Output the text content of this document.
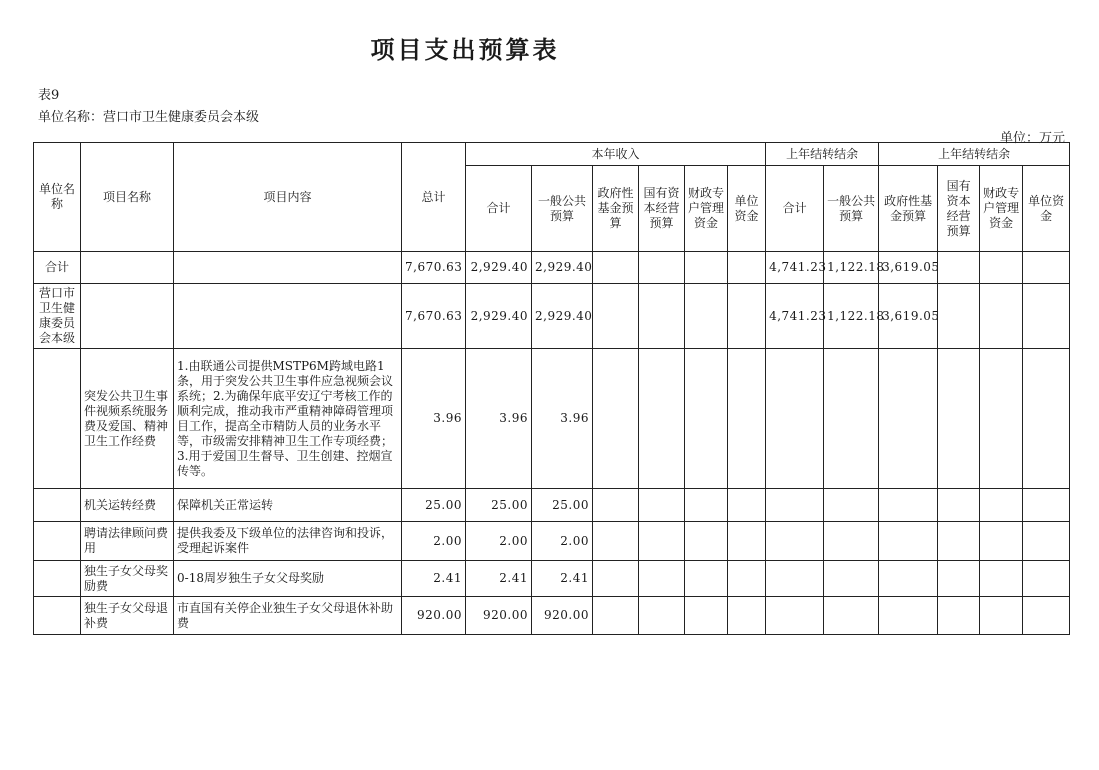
项目支出预算表
表9
单位名称：营口市卫生健康委员会本级
单位：万元
单位名称	项目名称	项目内容	总计	本年收入						上年结转结余		上年结转结余			
				合计	一般公共预算	政府性基金预算	国有资本经营预算	财政专户管理资金	单位资金	合计	一般公共预算	政府性基金预算	国有资本经营预算	财政专户管理资金	单位资金
合计			7,670.63	2,929.40	2,929.40					4,741.23	1,122.18	3,619.05			
营口市卫生健康委员会本级			7,670.63	2,929.40	2,929.40					4,741.23	1,122.18	3,619.05			
	突发公共卫生事件视频系统服务费及爱国、精神卫生工作经费	1.由联通公司提供MSTP6M跨域电路1条，用于突发公共卫生事件应急视频会议系统；2.为确保年底平安辽宁考核工作的顺利完成，推动我市严重精神障碍管理项目工作，提高全市精防人员的业务水平等，市级需安排精神卫生工作专项经费；3.用于爱国卫生督导、卫生创建、控烟宣传等。	3.96	3.96	3.96										
	机关运转经费	保障机关正常运转	25.00	25.00	25.00										
	聘请法律顾问费用	提供我委及下级单位的法律咨询和投诉，受理起诉案件	2.00	2.00	2.00										
	独生子女父母奖励费	0-18周岁独生子女父母奖励	2.41	2.41	2.41										
	独生子女父母退补费	市直国有关停企业独生子女父母退休补助费	920.00	920.00	920.00										
